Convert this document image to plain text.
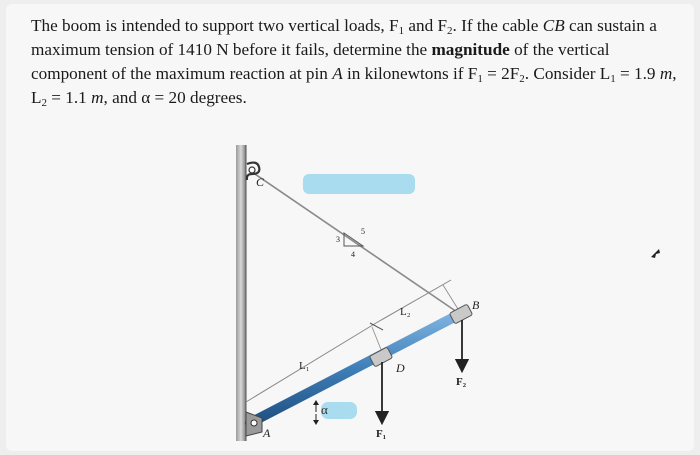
The boom is intended to support two vertical loads, $F_1$ and $F_2$. If the cable CB can sustain a maximum tension of 1410 N before it fails, determine the magnitude of the vertical component of the maximum reaction at pin A in kilonewtons if $F_1 = 2F_2$. Consider $L_1 = 1.9$ m, $L_2 = 1.1$ m, and α = 20 degrees.

C
3
4
5
L₁
L₂
A
D
B
F₁
F₂
α
